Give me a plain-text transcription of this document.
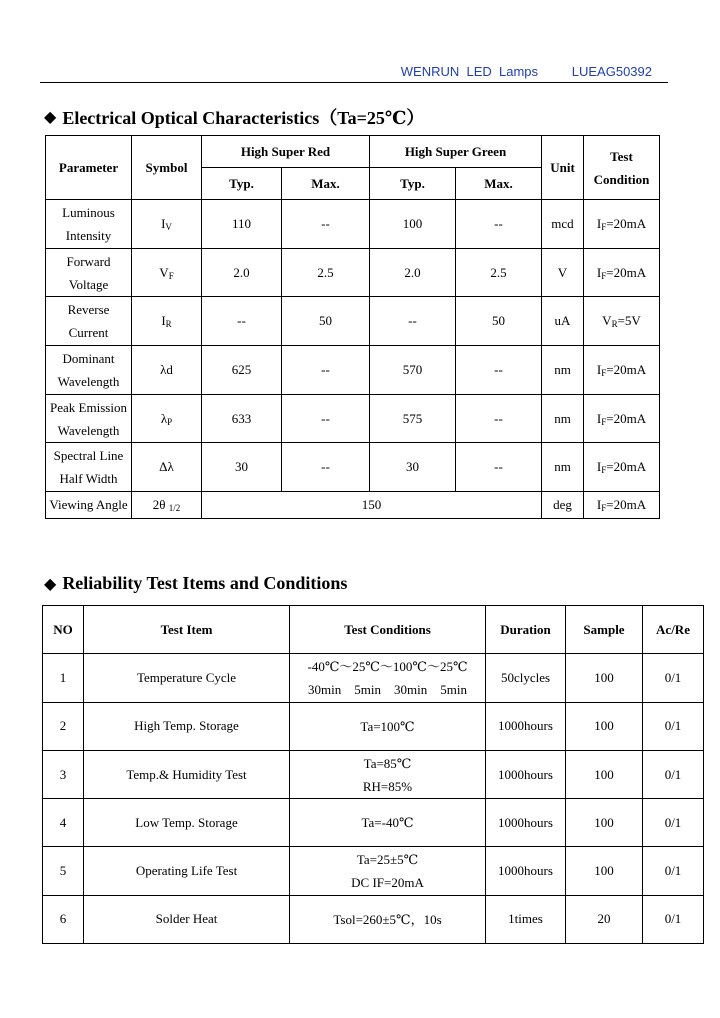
WENRUN  LED  Lamps	LUEAG50392
◆ Electrical Optical Characteristics（Ta=25℃）
Parameter	Symbol	High Super Red		High Super Green		Unit	Test
Condition

		Typ.	Max.	Typ.	Max.		

Luminous
Intensity	$I_V$	110	--	100	--	mcd	$I_F=20mA$

Forward
Voltage	$V_F$	2.0	2.5	2.0	2.5	V	$I_F=20mA$

Reverse
Current	$I_R$	--	50	--	50	uA	$V_R=5V$

Dominant
Wavelength	λd	625	--	570	--	nm	$I_F=20mA$

Peak Emission
Wavelength	$\lambda_P$	633	--	575	--	nm	$I_F=20mA$

Spectral Line
Half Width	Δλ	30	--	30	--	nm	$I_F=20mA$
Viewing Angle	2θ $_{1/2}$	150				deg	$I_F=20mA$
◆ Reliability Test Items and Conditions
NO	Test Item	Test Conditions	Duration	Sample	Ac/Re
1	Temperature Cycle	-40℃～25℃～100℃～25℃
30min    5min    30min    5min	50clycles	100	0/1
2	High Temp. Storage	Ta=100℃	1000hours	100	0/1
3	Temp.& Humidity Test	Ta=85℃
RH=85%	1000hours	100	0/1
4	Low Temp. Storage	Ta=-40℃	1000hours	100	0/1
5	Operating Life Test	Ta=25±5℃
DC IF=20mA	1000hours	100	0/1
6	Solder Heat	Tsol=260±5℃，10s	1times	20	0/1
